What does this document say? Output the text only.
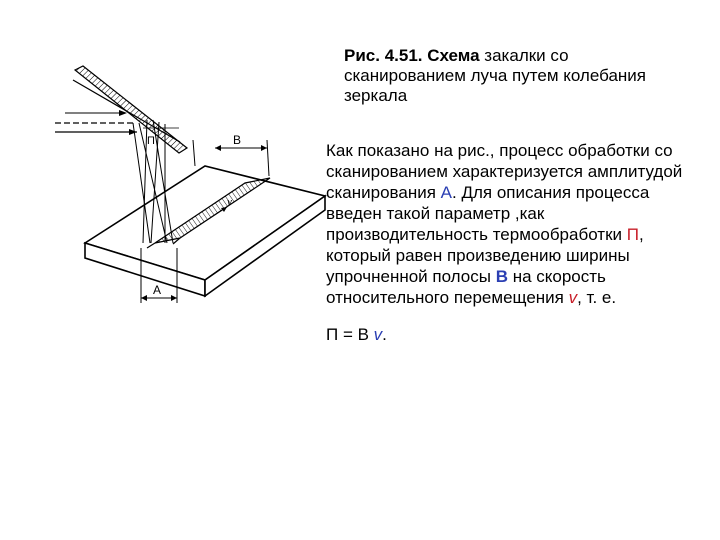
v
A
B
П
Рис. 4.51. Схема закалки со сканированием луча путем колебания зеркала

Как показано на рис., процесс обработки со сканированием характеризуется амплитудой сканирования А. Для описания процесса введен такой параметр ,как производительность термообработки П, который равен произведению ширины упрочненной полосы В на скорость относительного перемещения v, т. е.

П = В v.
